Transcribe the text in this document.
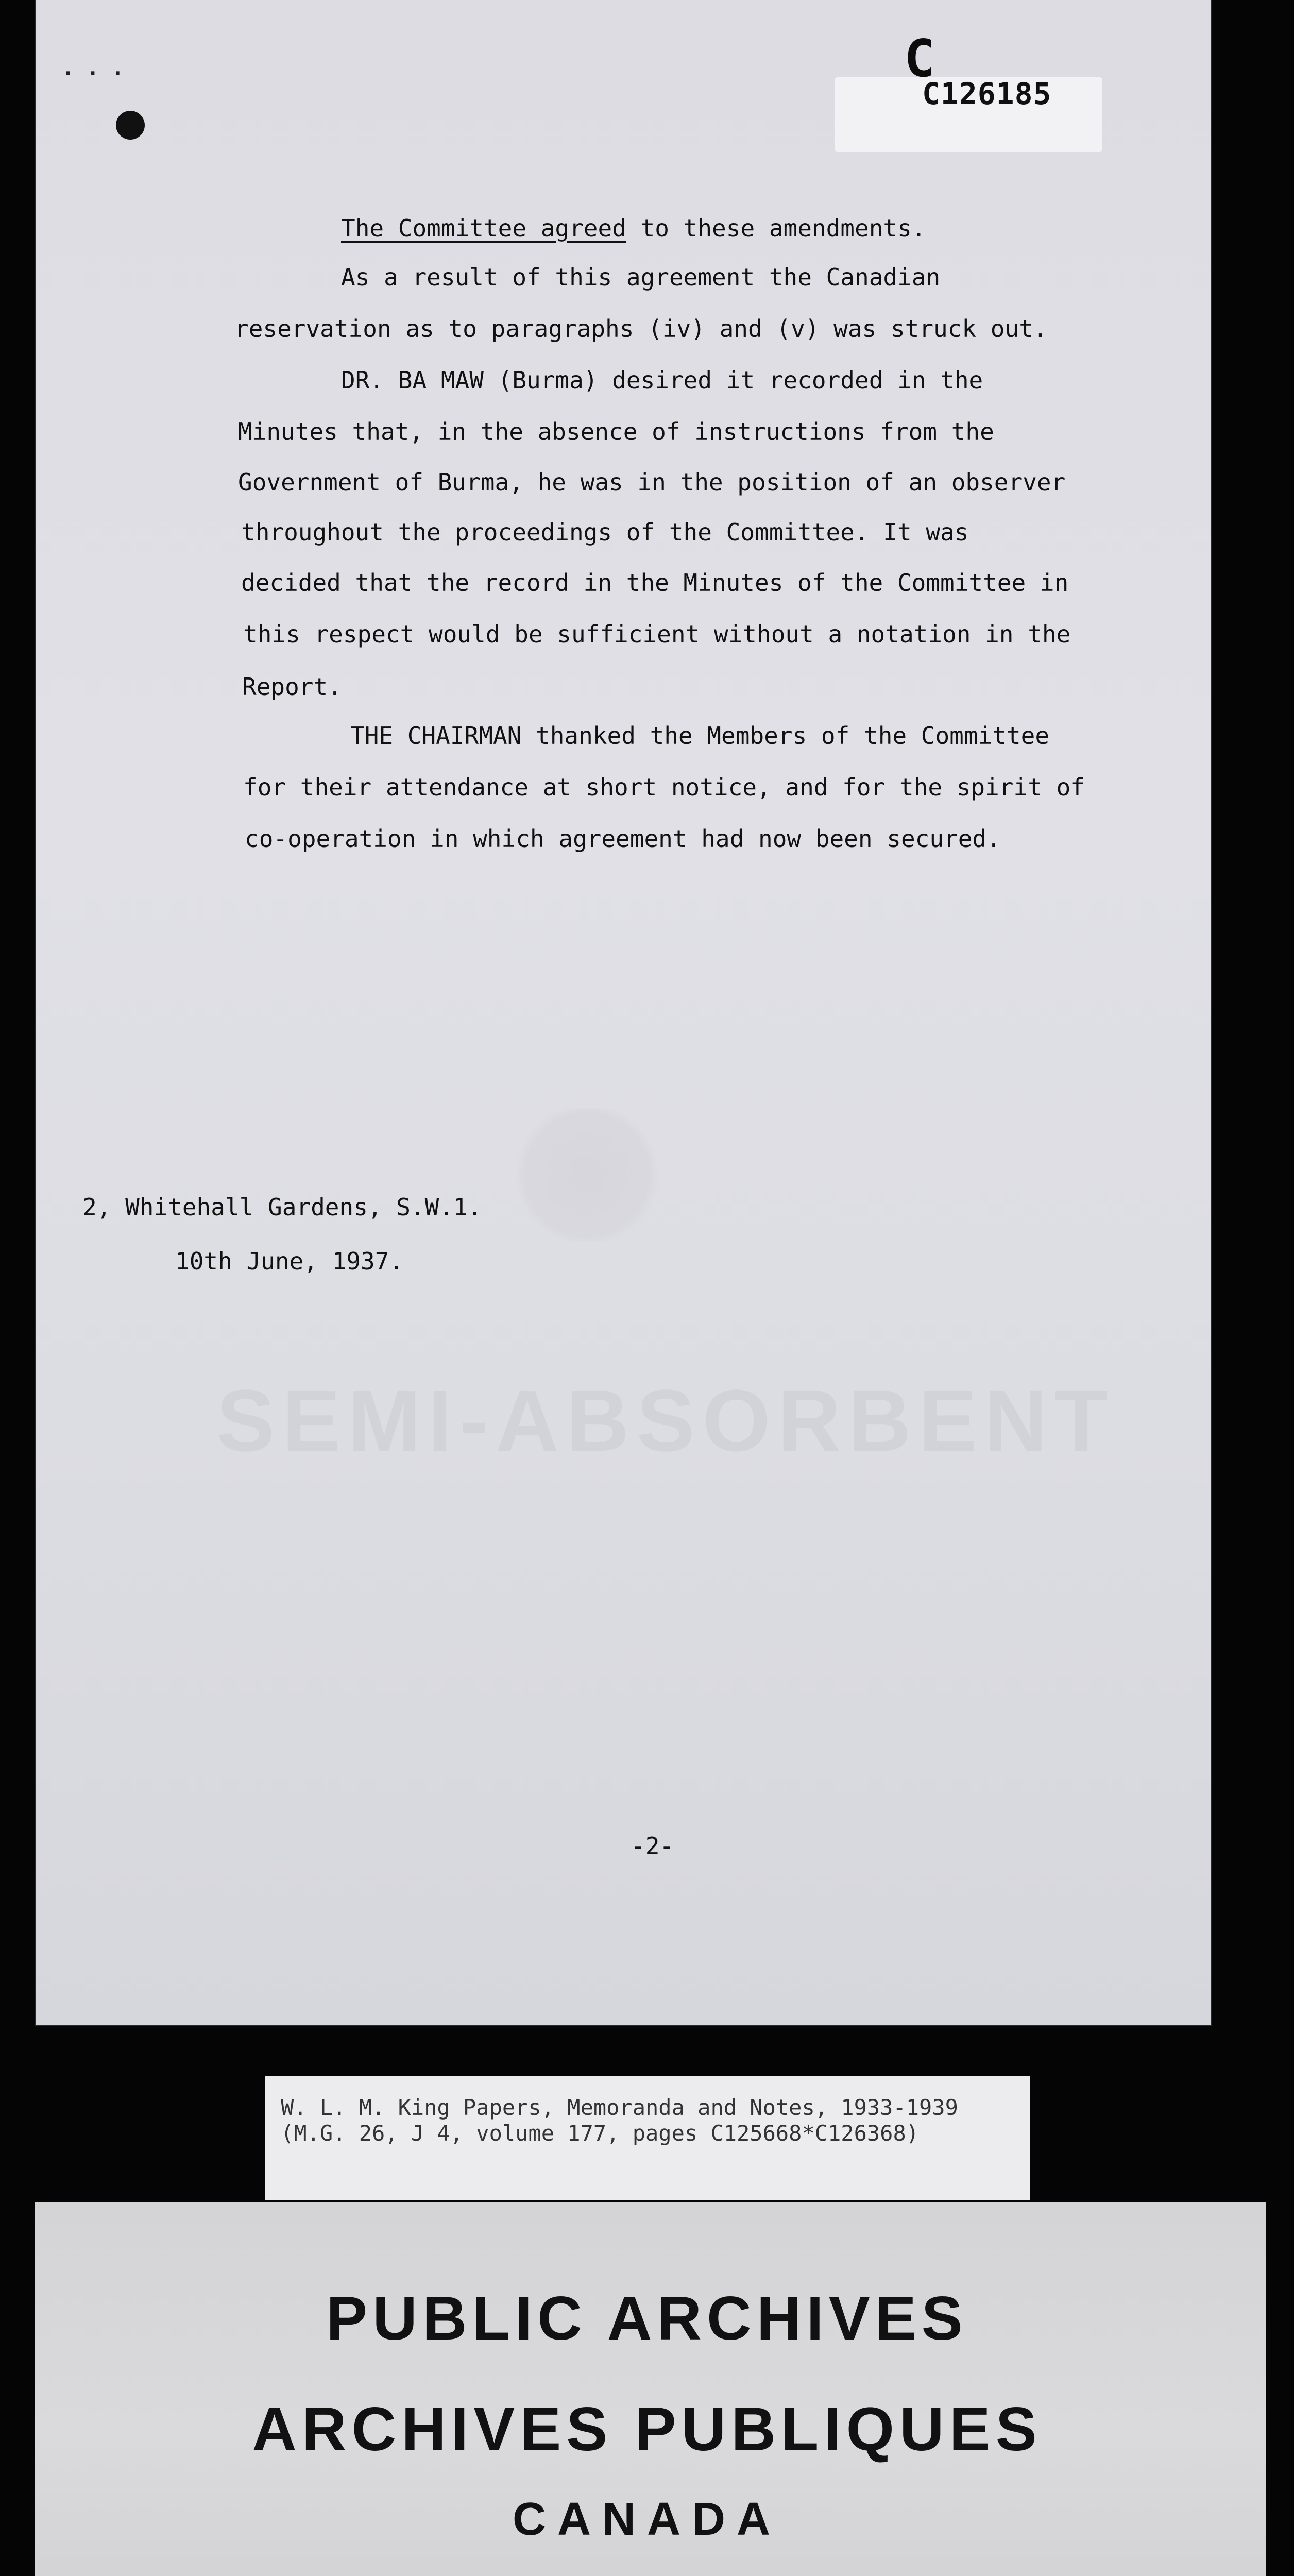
SEMI-ABSORBENT
· · ·	C
C126185
The Committee agreed to these amendments.
As a result of this agreement the Canadian
reservation as to paragraphs (iv) and (v) was struck out.
DR. BA MAW (Burma) desired it recorded in the
Minutes that, in the absence of instructions from the
Government of Burma, he was in the position of an observer
throughout the proceedings of the Committee. It was
decided that the record in the Minutes of the Committee in
this respect would be sufficient without a notation in the
Report.
THE CHAIRMAN thanked the Members of the Committee
for their attendance at short notice, and for the spirit of
co-operation in which agreement had now been secured.
2, Whitehall Gardens, S.W.1.
10th June, 1937.
-2-
W. L. M. King Papers, Memoranda and Notes, 1933-1939
(M.G. 26, J 4, volume 177, pages C125668*C126368)
PUBLIC ARCHIVES
ARCHIVES PUBLIQUES
CANADA
